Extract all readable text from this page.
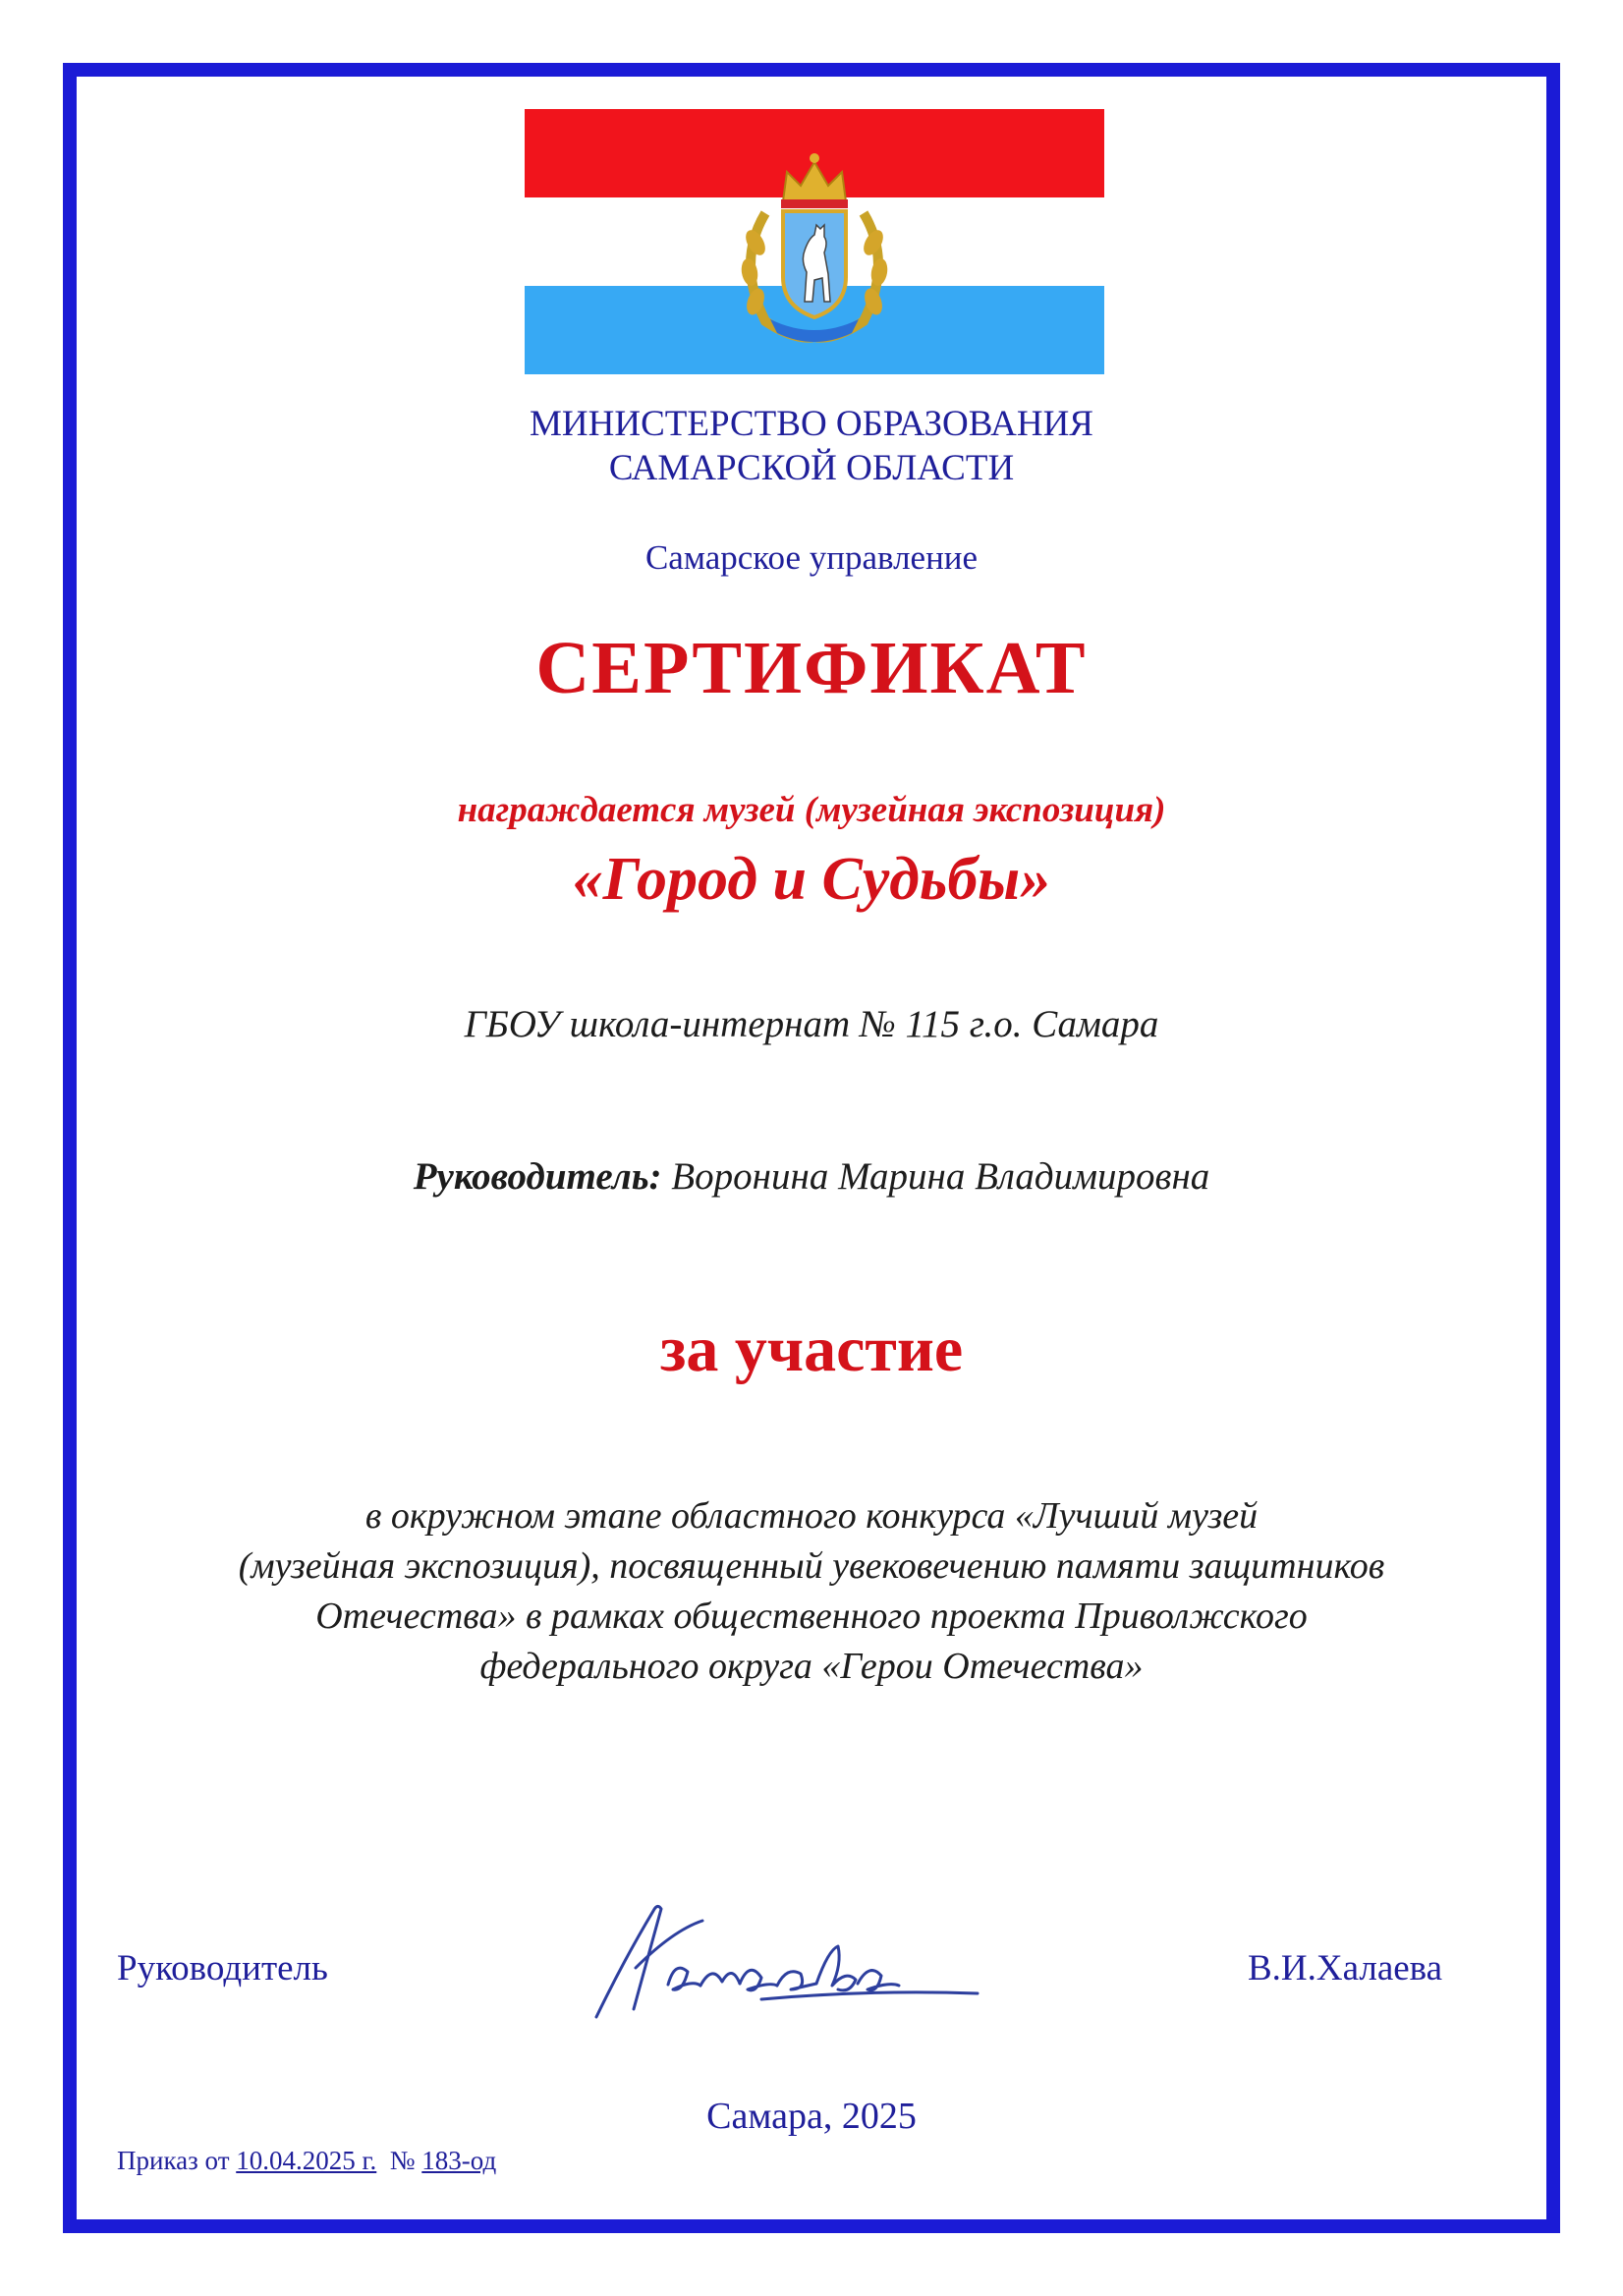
МИНИСТЕРСТВО ОБРАЗОВАНИЯ
САМАРСКОЙ ОБЛАСТИ
Самарское управление
СЕРТИФИКАТ
награждается музей (музейная экспозиция)
«Город и Судьбы»
ГБОУ школа-интернат № 115 г.о. Самара
Руководитель: Воронина Марина Владимировна
за участие
в окружном этапе областного конкурса «Лучший музей
(музейная экспозиция), посвященный увековечению памяти защитников
Отечества» в рамках общественного проекта Приволжского
федерального округа «Герои Отечества»
Руководитель	В.И.Халаева
Самара, 2025
Приказ от 10.04.2025 г. № 183-од
